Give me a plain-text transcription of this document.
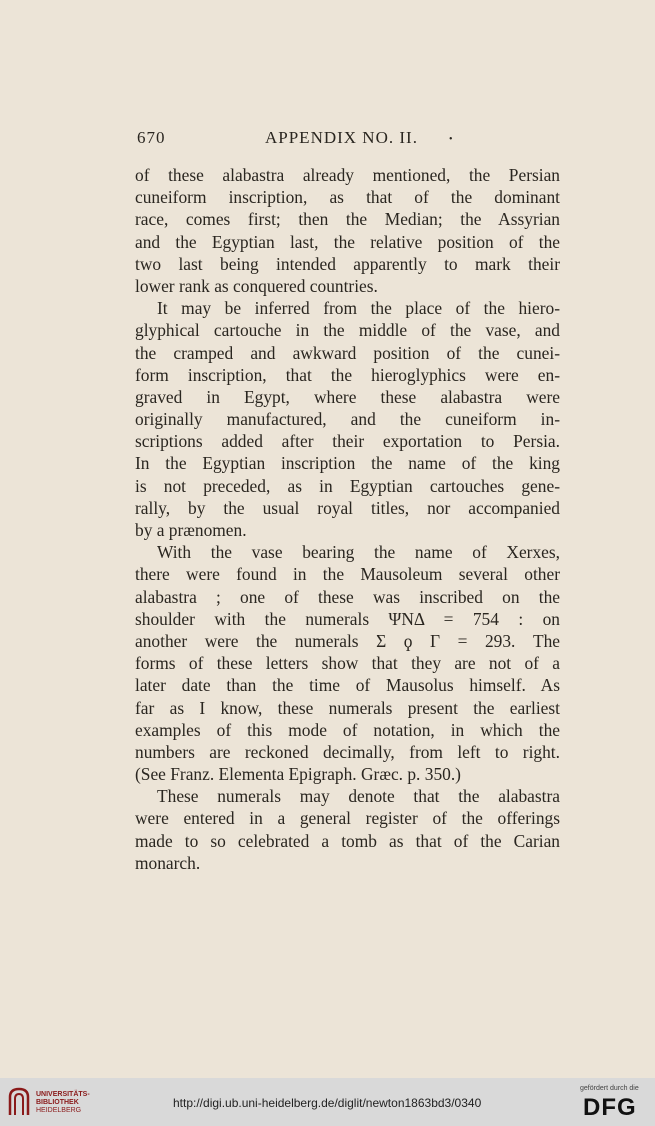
670	APPENDIX NO. II.	•
of these alabastra already mentioned, the Persian
cuneiform inscription, as that of the dominant
race, comes first; then the Median; the Assyrian
and the Egyptian last, the relative position of the
two last being intended apparently to mark their
lower rank as conquered countries.
It may be inferred from the place of the hiero-
glyphical cartouche in the middle of the vase, and
the cramped and awkward position of the cunei-
form inscription, that the hieroglyphics were en-
graved in Egypt, where these alabastra were
originally manufactured, and the cuneiform in-
scriptions added after their exportation to Persia.
In the Egyptian inscription the name of the king
is not preceded, as in Egyptian cartouches gene-
rally, by the usual royal titles, nor accompanied
by a prænomen.
With the vase bearing the name of Xerxes,
there were found in the Mausoleum several other
alabastra ; one of these was inscribed on the
shoulder with the numerals ΨΝΔ = 754 : on
another were the numerals Σ ϙ Γ = 293. The
forms of these letters show that they are not of a
later date than the time of Mausolus himself. As
far as I know, these numerals present the earliest
examples of this mode of notation, in which the
numbers are reckoned decimally, from left to right.
(See Franz. Elementa Epigraph. Græc. p. 350.)
These numerals may denote that the alabastra
were entered in a general register of the offerings
made to so celebrated a tomb as that of the Carian
monarch.
UNIVERSITÄTS-
BIBLIOTHEK
HEIDELBERG
http://digi.ub.uni-heidelberg.de/diglit/newton1863bd3/0340
gefördert durch die
DFG
